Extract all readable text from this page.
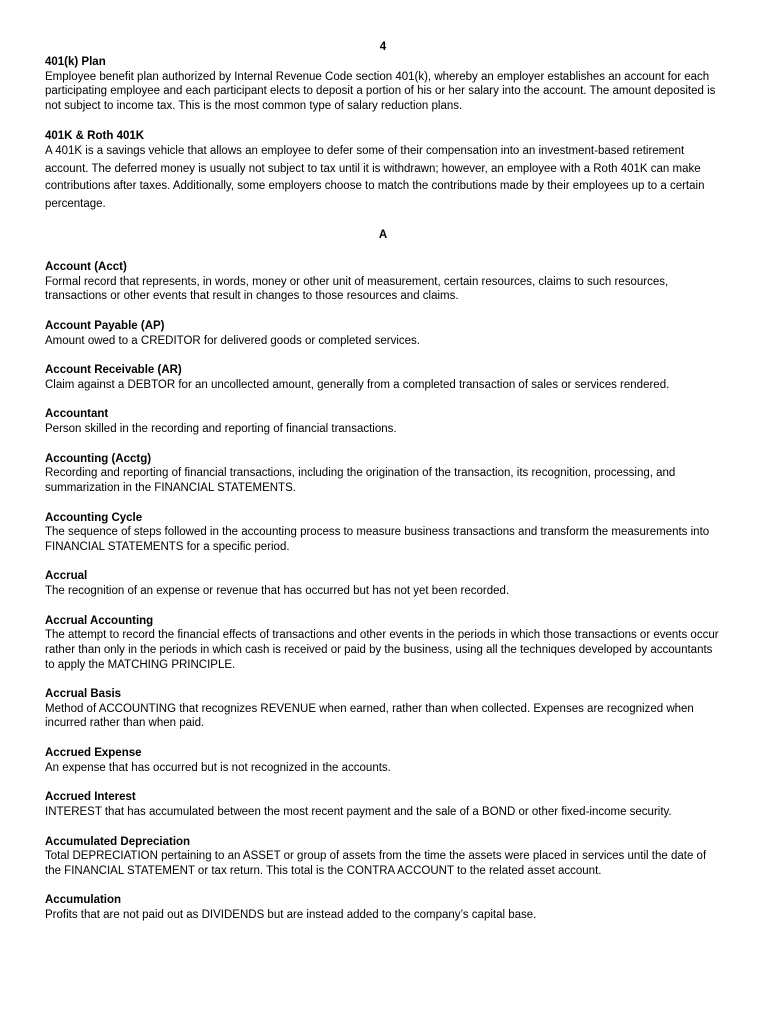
4
401(k) Plan
Employee benefit plan authorized by Internal Revenue Code section 401(k), whereby an employer establishes an account for each participating employee and each participant elects to deposit a portion of his or her salary into the account. The amount deposited is not subject to income tax. This is the most common type of salary reduction plans.
401K & Roth 401K
A 401K is a savings vehicle that allows an employee to defer some of their compensation into an investment-based retirement account. The deferred money is usually not subject to tax until it is withdrawn; however, an employee with a Roth 401K can make contributions after taxes. Additionally, some employers choose to match the contributions made by their employees up to a certain percentage.
A
Account (Acct)
Formal record that represents, in words, money or other unit of measurement, certain resources, claims to such resources, transactions or other events that result in changes to those resources and claims.
Account Payable (AP)
Amount owed to a CREDITOR for delivered goods or completed services.
Account Receivable (AR)
Claim against a DEBTOR for an uncollected amount, generally from a completed transaction of sales or services rendered.
Accountant
Person skilled in the recording and reporting of financial transactions.
Accounting (Acctg)
Recording and reporting of financial transactions, including the origination of the transaction, its recognition, processing, and summarization in the FINANCIAL STATEMENTS.
Accounting Cycle
The sequence of steps followed in the accounting process to measure business transactions and transform the measurements into FINANCIAL STATEMENTS for a specific period.
Accrual
The recognition of an expense or revenue that has occurred but has not yet been recorded.
Accrual Accounting
The attempt to record the financial effects of transactions and other events in the periods in which those transactions or events occur rather than only in the periods in which cash is received or paid by the business, using all the techniques developed by accountants to apply the MATCHING PRINCIPLE.
Accrual Basis
Method of ACCOUNTING that recognizes REVENUE when earned, rather than when collected. Expenses are recognized when incurred rather than when paid.
Accrued Expense
An expense that has occurred but is not recognized in the accounts.
Accrued Interest
INTEREST that has accumulated between the most recent payment and the sale of a BOND or other fixed-income security.
Accumulated Depreciation
Total DEPRECIATION pertaining to an ASSET or group of assets from the time the assets were placed in services until the date of the FINANCIAL STATEMENT or tax return. This total is the CONTRA ACCOUNT to the related asset account.
Accumulation
Profits that are not paid out as DIVIDENDS but are instead added to the company’s capital base.
